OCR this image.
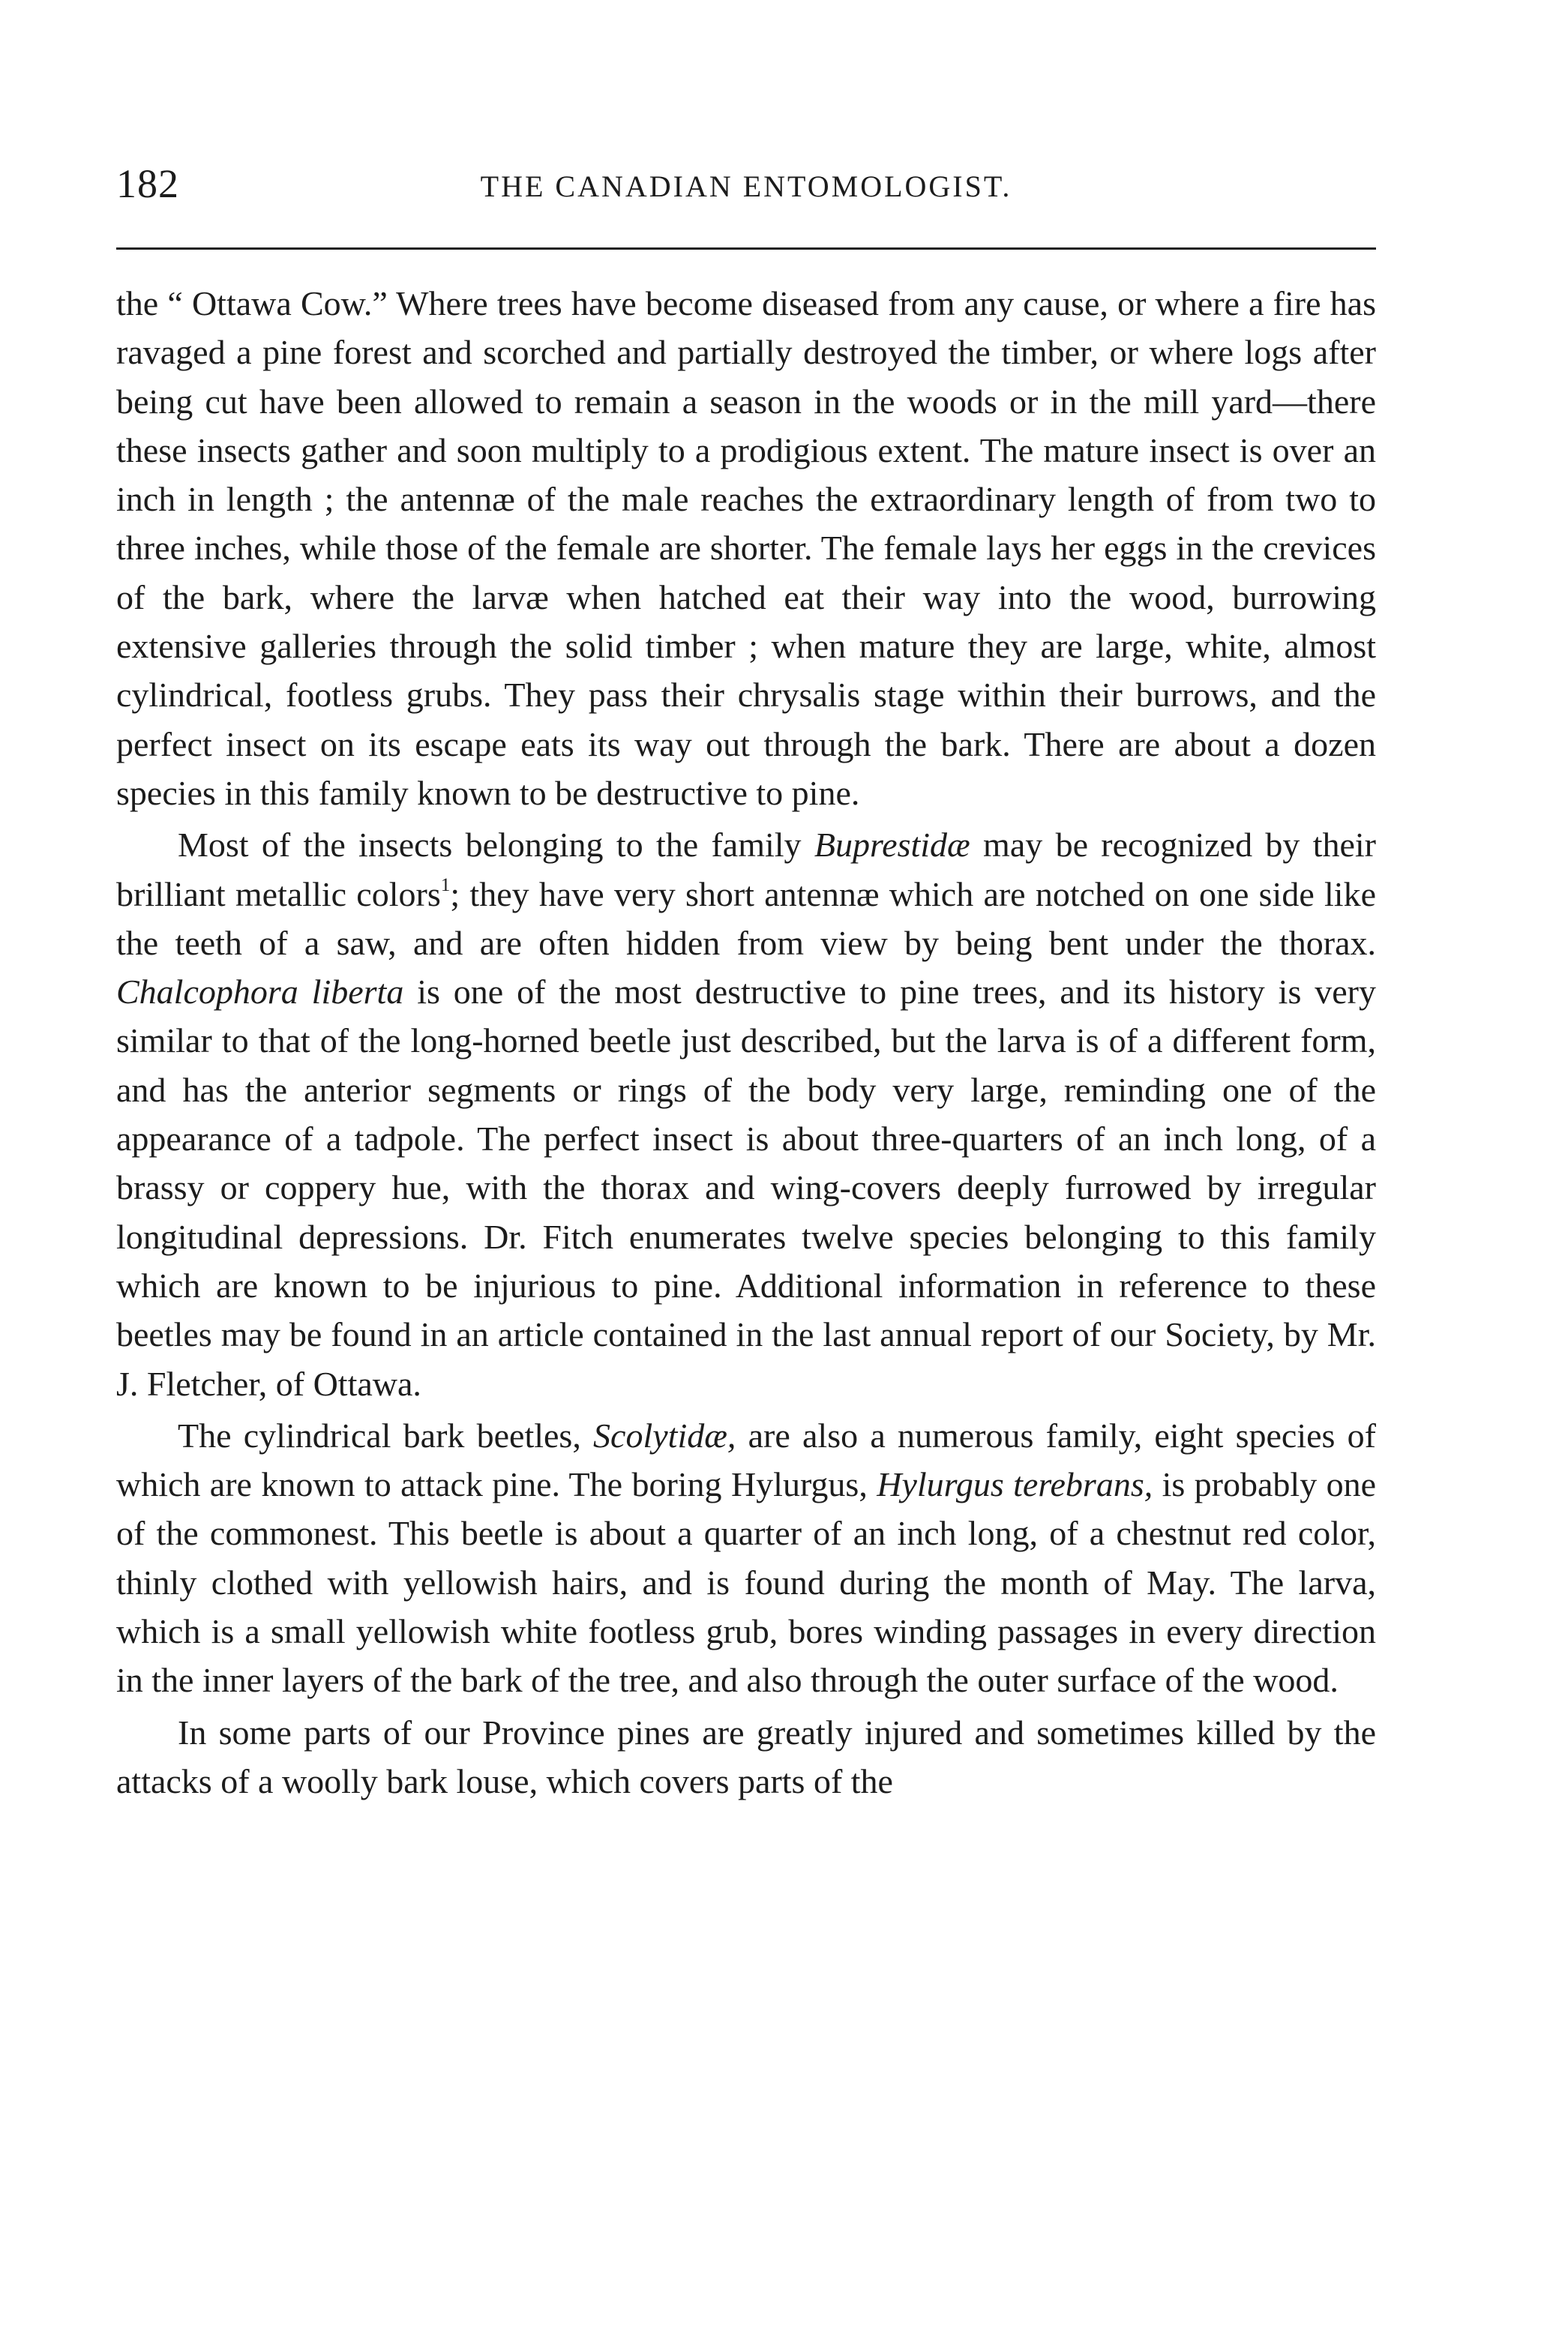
182	THE CANADIAN ENTOMOLOGIST.

the “ Ottawa Cow.” Where trees have become diseased from any cause, or where a fire has ravaged a pine forest and scorched and partially destroyed the timber, or where logs after being cut have been allowed to remain a season in the woods or in the mill yard—there these insects gather and soon multiply to a prodigious extent. The mature insect is over an inch in length ; the antennæ of the male reaches the extraordinary length of from two to three inches, while those of the female are shorter. The female lays her eggs in the crevices of the bark, where the larvæ when hatched eat their way into the wood, burrowing extensive galleries through the solid timber ; when mature they are large, white, almost cylindrical, footless grubs. They pass their chrysalis stage within their burrows, and the perfect insect on its escape eats its way out through the bark. There are about a dozen species in this family known to be destructive to pine.

Most of the insects belonging to the family Buprestidæ may be recognized by their brilliant metallic colors$^1$; they have very short antennæ which are notched on one side like the teeth of a saw, and are often hidden from view by being bent under the thorax. Chalcophora liberta is one of the most destructive to pine trees, and its history is very similar to that of the long-horned beetle just described, but the larva is of a different form, and has the anterior segments or rings of the body very large, reminding one of the appearance of a tadpole. The perfect insect is about three-quarters of an inch long, of a brassy or coppery hue, with the thorax and wing-covers deeply furrowed by irregular longitudinal depressions. Dr. Fitch enumerates twelve species belonging to this family which are known to be injurious to pine. Additional information in reference to these beetles may be found in an article contained in the last annual report of our Society, by Mr. J. Fletcher, of Ottawa.

The cylindrical bark beetles, Scolytidæ, are also a numerous family, eight species of which are known to attack pine. The boring Hylurgus, Hylurgus terebrans, is probably one of the commonest. This beetle is about a quarter of an inch long, of a chestnut red color, thinly clothed with yellowish hairs, and is found during the month of May. The larva, which is a small yellowish white footless grub, bores winding passages in every direction in the inner layers of the bark of the tree, and also through the outer surface of the wood.

In some parts of our Province pines are greatly injured and sometimes killed by the attacks of a woolly bark louse, which covers parts of the
